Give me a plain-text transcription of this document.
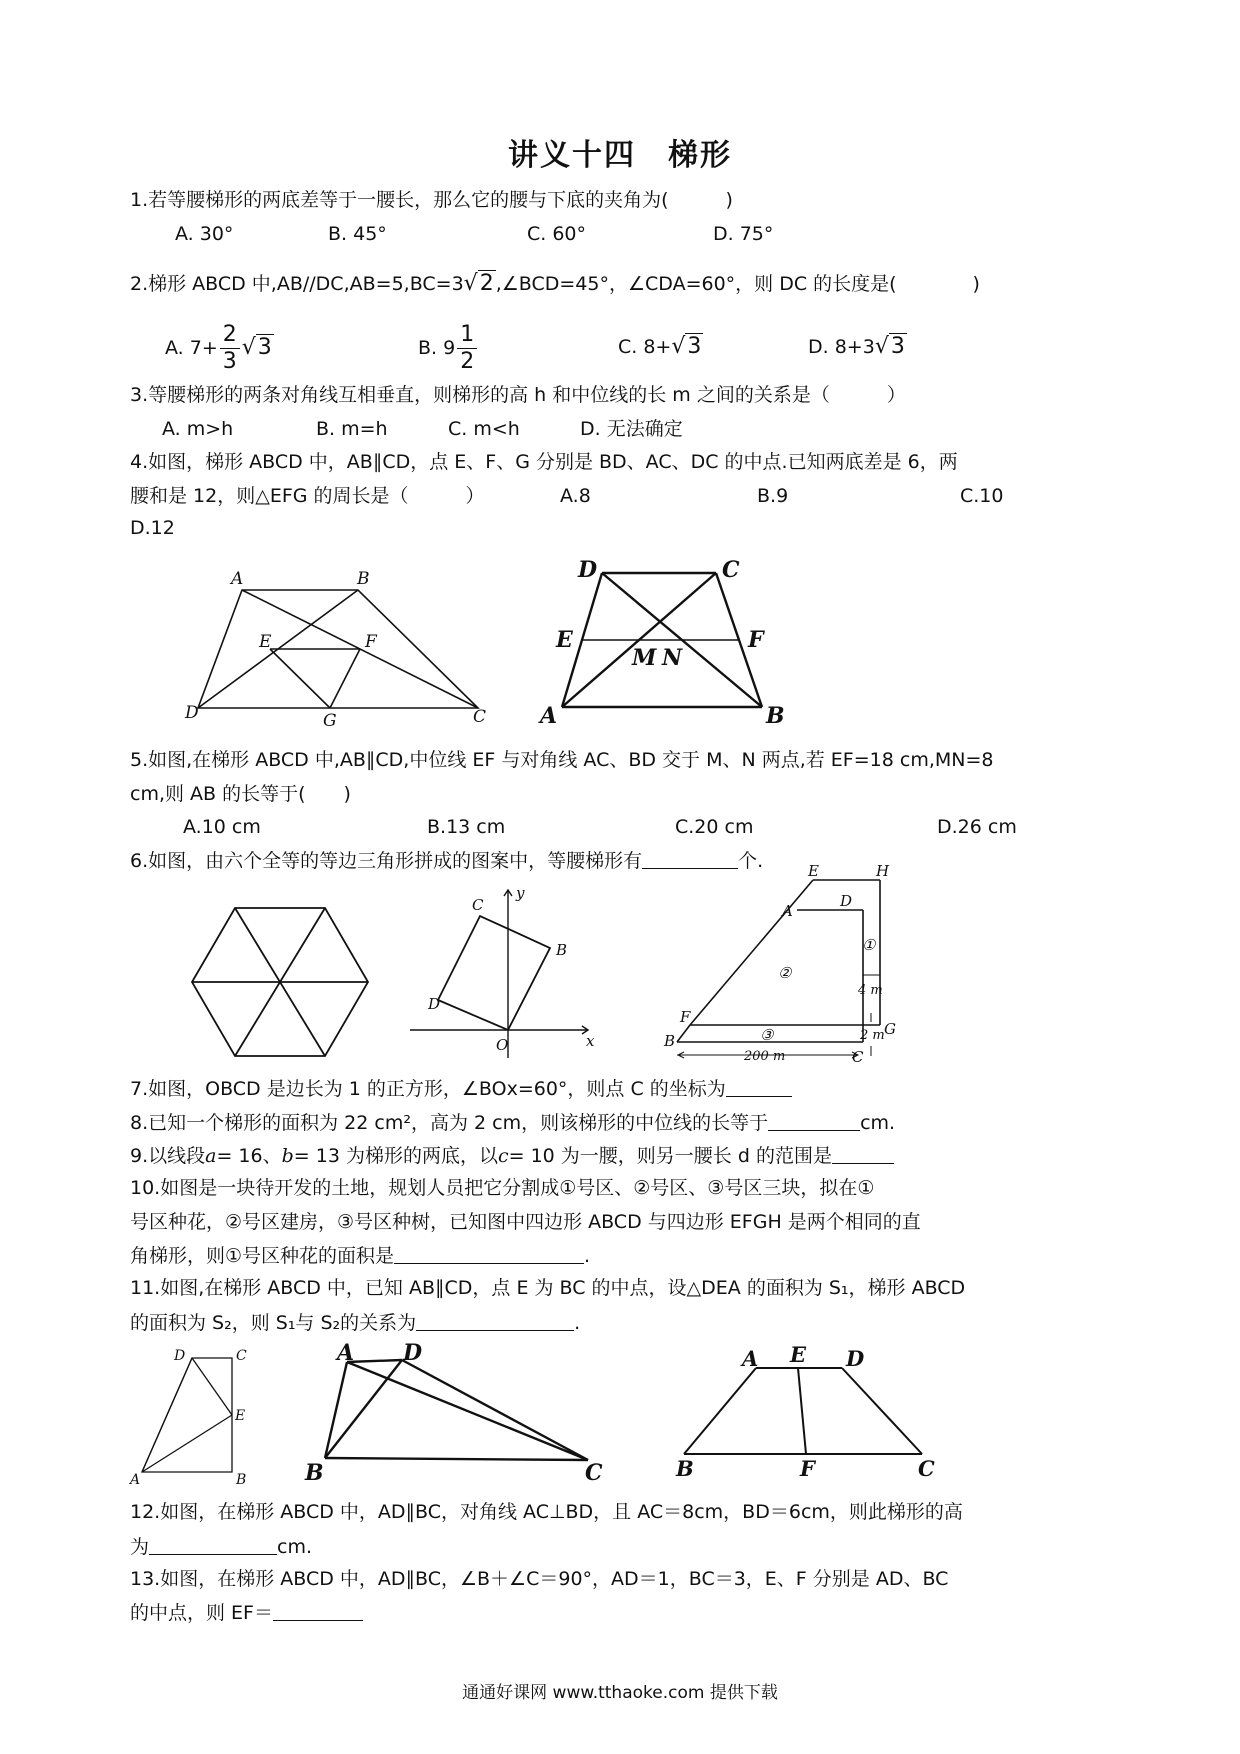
讲义十四　梯形
1.若等腰梯形的两底差等于一腰长，那么它的腰与下底的夹角为(　　　)
A. 30°	B. 45°	C. 60°	D. 75°
2.梯形 ABCD 中,AB//DC,AB=5,BC=3√2 ,∠BCD=45°，∠CDA=60°，则 DC 的长度是(　　　　)
A. $7+ \frac{2}{3} √3$	B. $9 \frac{1}{2}$	C. 8+√3	D. 8+3√3
3.等腰梯形的两条对角线互相垂直，则梯形的高 h 和中位线的长 m 之间的关系是（　　　）
A. m>h	B. m=h	C. m<h	D. 无法确定
4.如图，梯形 ABCD 中，AB∥CD，点 E、F、G 分别是 BD、AC、DC 的中点.已知两底差是 6，两
腰和是 12，则△EFG 的周长是（　　　）	A.8	B.9	C.10
D.12
A	B
E	F
D	G	C
D	C
E	F
M N
A	B
5.如图,在梯形 ABCD 中,AB∥CD,中位线 EF 与对角线 AC、BD 交于 M、N 两点,若 EF=18 cm,MN=8
cm,则 AB 的长等于(　　)
A.10 cm	B.13 cm	C.20 cm	D.26 cm
6.如图，由六个全等的等边三角形拼成的图案中，等腰梯形有	个.
C
B
D
O	x
y
E	H
D
A
①
4 m
②
F
③	2 m G
B
200 m	C
7.如图，OBCD 是边长为 1 的正方形，∠BOx=60°，则点 C 的坐标为
8.已知一个梯形的面积为 22 cm²，高为 2 cm，则该梯形的中位线的长等于	cm.
9.以线段a= 16、b= 13 为梯形的两底，以c= 10 为一腰，则另一腰长 d 的范围是
10.如图是一块待开发的土地，规划人员把它分割成①号区、②号区、③号区三块，拟在①
号区种花，②号区建房，③号区种树，已知图中四边形 ABCD 与四边形 EFGH 是两个相同的直
角梯形，则①号区种花的面积是	.
11.如图,在梯形 ABCD 中，已知 AB∥CD，点 E 为 BC 的中点，设△DEA 的面积为 S₁，梯形 ABCD
的面积为 S₂，则 S₁与 S₂的关系为	.
D	C
E
A	B
A D
B	C
A E D
B	F	C
12.如图，在梯形 ABCD 中，AD∥BC，对角线 AC⊥BD，且 AC＝8cm，BD＝6cm，则此梯形的高
为	cm.
13.如图，在梯形 ABCD 中，AD∥BC，∠B＋∠C＝90°，AD＝1，BC＝3，E、F 分别是 AD、BC
的中点，则 EF＝
通通好课网 www.tthaoke.com 提供下载
